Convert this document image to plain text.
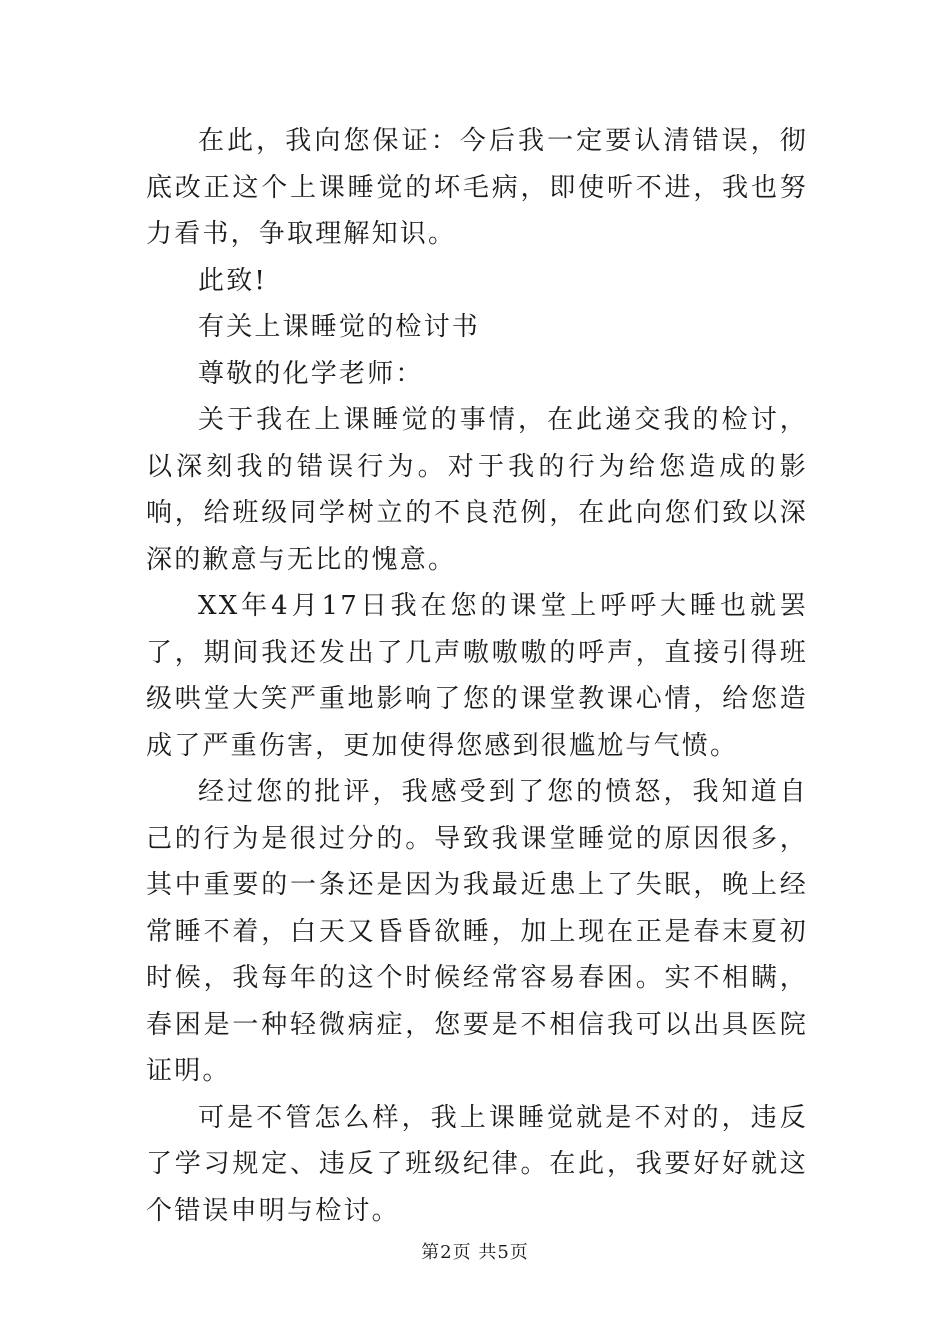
在此，我向您保证：今后我一定要认清错误，彻底改正这个上课睡觉的坏毛病，即使听不进，我也努力看书，争取理解知识。

此致!

有关上课睡觉的检讨书

尊敬的化学老师：

关于我在上课睡觉的事情，在此递交我的检讨，以深刻我的错误行为。对于我的行为给您造成的影响，给班级同学树立的不良范例，在此向您们致以深深的歉意与无比的愧意。

XX年4月17日我在您的课堂上呼呼大睡也就罢了，期间我还发出了几声嗷嗷嗷的呼声，直接引得班级哄堂大笑严重地影响了您的课堂教课心情，给您造成了严重伤害，更加使得您感到很尴尬与气愤。

经过您的批评，我感受到了您的愤怒，我知道自己的行为是很过分的。导致我课堂睡觉的原因很多，其中重要的一条还是因为我最近患上了失眠，晚上经常睡不着，白天又昏昏欲睡，加上现在正是春末夏初时候，我每年的这个时候经常容易春困。实不相瞒，春困是一种轻微病症，您要是不相信我可以出具医院证明。

可是不管怎么样，我上课睡觉就是不对的，违反了学习规定、违反了班级纪律。在此，我要好好就这个错误申明与检讨。

第2页 共5页
